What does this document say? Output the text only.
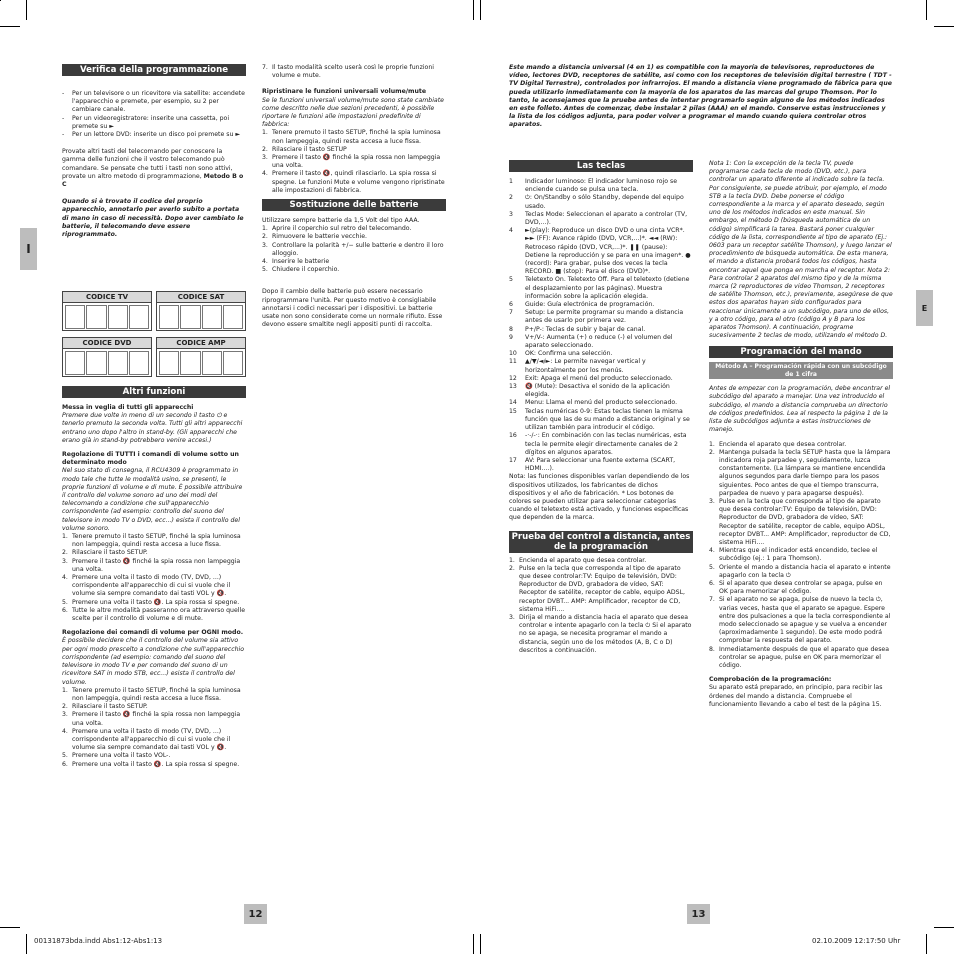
I
E
Verifica della programmazione
- Per un televisore o un ricevitore via satellite: accendete l'apparecchio e premete, per esempio, su 2 per cambiare canale.
- Per un videoregistratore: inserite una cassetta, poi premete su ►
- Per un lettore DVD: inserite un disco poi premete su ►

Provate altri tasti del telecomando per conoscere la gamma delle funzioni che il vostro telecomando può comandare. Se pensate che tutti i tasti non sono attivi, provate un altro metodo di programmazione, Metodo B o C

Quando si è trovato il codice del proprio apparecchio, annotarlo per averlo subito a portata di mano in caso di necessità. Dopo aver cambiato le batterie, il telecomando deve essere riprogrammato.

CODICE TV	CODICE SAT
CODICE DVD	CODICE AMP
Altri funzioni

Messa in veglia di tutti gli apparecchi

Premere due volte in meno di un secondo il tasto ⏻ e tenerlo premuto la seconda volta. Tutti gli altri apparecchi entrano uno dopo l'altro in stand-by. (Gli apparecchi che erano già in stand-by potrebbero venire accesi.)

Regolazione di TUTTI i comandi di volume sotto un determinato modo

Nel suo stato di consegna, il RCU4309 è programmato in modo tale che tutte le modalità usino, se presenti, le proprie funzioni di volume e di mute. È possibile attribuire il controllo del volume sonoro ad uno dei modi del telecomando a condizione che sull'apparecchio corrispondente (ad esempio: controllo del suono del televisore in modo TV o DVD, ecc...) esista il controllo del volume sonoro.

1. Tenere premuto il tasto SETUP, finché la spia luminosa non lampeggia, quindi resta accesa a luce fissa.
2. Rilasciare il tasto SETUP.
3. Premere il tasto 🔇 finché la spia rossa non lampeggia una volta.
4. Premere una volta il tasto di modo (TV, DVD, ...) corrispondente all'apparecchio di cui si vuole che il volume sia sempre comandato dai tasti VOL y 🔇.
5. Premere una volta il tasto 🔇. La spia rossa si spegne.
6. Tutte le altre modalità passeranno ora attraverso quelle scelte per il controllo di volume e di mute.

Regolazione dei comandi di volume per OGNI modo.

È possibile decidere che il controllo del volume sia attivo per ogni modo prescelto a condizione che sull'apparecchio corrispondente (ad esempio: comando del suono del televisore in modo TV e per comando del suono di un ricevitore SAT in modo STB, ecc...) esista il controllo del volume.

1. Tenere premuto il tasto SETUP, finché la spia luminosa non lampeggia, quindi resta accesa a luce fissa.
2. Rilasciare il tasto SETUP.
3. Premere il tasto 🔇 finché la spia rossa non lampeggia una volta.
4. Premere una volta il tasto di modo (TV, DVD, ...) corrispondente all'apparecchio di cui si vuole che il volume sia sempre comandato dai tasti VOL y 🔇.
5. Premere una volta il tasto VOL-.
6. Premere una volta il tasto 🔇. La spia rossa si spegne.
7. Il tasto modalità scelto userà così le proprie funzioni volume e mute.

Ripristinare le funzioni universali volume/mute

Se le funzioni universali volume/mute sono state cambiate come descritto nelle due sezioni precedenti, è possibile riportare le funzioni alle impostazioni predefinite di fabbrica:

1. Tenere premuto il tasto SETUP, finché la spia luminosa non lampeggia, quindi resta accesa a luce fissa.
2. Rilasciare il tasto SETUP
3. Premere il tasto 🔇 finché la spia rossa non lampeggia una volta.
4. Premere il tasto 🔇, quindi rilasciarlo. La spia rossa si spegne. Le funzioni Mute e volume vengono ripristinate alle impostazioni di fabbrica.
Sostituzione delle batterie

Utilizzare sempre batterie da 1,5 Volt del tipo AAA.

1. Aprire il coperchio sul retro del telecomando.
2. Rimuovere le batterie vecchie.
3. Controllare la polarità +/− sulle batterie e dentro il loro alloggio.
4. Inserire le batterie
5. Chiudere il coperchio.

Dopo il cambio delle batterie può essere necessario riprogrammare l'unità. Per questo motivo è consigliabile annotarsi i codici necessari per i dispositivi. Le batterie usate non sono considerate come un normale rifiuto. Esse devono essere smaltite negli appositi punti di raccolta.

Este mando a distancia universal (4 en 1) es compatible con la mayoría de televisores, reproductores de vídeo, lectores DVD, receptores de satélite, así como con los receptores de televisión digital terrestre ( TDT - TV Digital Terrestre), controlados por infrarrojos. El mando a distancia viene programado de fábrica para que pueda utilizarlo inmediatamente con la mayoría de los aparatos de las marcas del grupo Thomson. Por lo tanto, le aconsejamos que la pruebe antes de intentar programarlo según alguno de los métodos indicados en este folleto. Antes de comenzar, debe instalar 2 pilas (AAA) en el mando. Conserve estas instrucciones y la lista de los códigos adjunta, para poder volver a programar el mando cuando quiera controlar otros aparatos.

Las teclas
1 Indicador luminoso: El indicador luminoso rojo se enciende cuando se pulsa una tecla.
2 ⏻: On/Standby o sólo Standby, depende del equipo usado.
3 Teclas Mode: Seleccionan el aparato a controlar (TV, DVD,...).
4 ►(play): Reproduce un disco DVD o una cinta VCR*. ►► (FF): Avance rápido (DVD, VCR,...)*. ◄◄ (RW): Retroceso rápido (DVD, VCR,...)*. ❚❚ (pause): Detiene la reproducción y se para en una imagen*. ● (record): Para grabar, pulse dos veces la tecla RECORD. ■ (stop): Para el disco (DVD)*.
5 Teletexto On. Teletexto Off. Para el teletexto (detiene el desplazamiento por las páginas). Muestra información sobre la aplicación elegida.
6 Guide: Guía electrónica de programación.
7 Setup: Le permite programar su mando a distancia antes de usarlo por primera vez.
8 P+/P-: Teclas de subir y bajar de canal.
9 V+/V-: Aumenta (+) o reduce (-) el volumen del aparato seleccionado.
10 OK: Confirma una selección.
11 ▲/▼/◄/►: Le permite navegar vertical y horizontalmente por los menús.
12 Exit: Apaga el menú del producto seleccionado.
13 🔇 (Mute): Desactiva el sonido de la aplicación elegida.
14 Menu: Llama el menú del producto seleccionado.
15 Teclas numéricas 0-9: Estas teclas tienen la misma función que las de su mando a distancia original y se utilizan también para introducir el código.
16 -·-/-·: En combinación con las teclas numéricas, esta tecla le permite elegir directamente canales de 2 dígitos en algunos aparatos.
17 AV: Para seleccionar una fuente externa (SCART, HDMI....).

Nota: las funciones disponibles varían dependiendo de los dispositivos utilizados, los fabricantes de dichos dispositivos y el año de fabricación. * Los botones de colores se pueden utilizar para seleccionar categorías cuando el teletexto está activado, y funciones específicas que dependen de la marca.

Prueba del control a distancia, antes de la programación
1. Encienda el aparato que desea controlar.
2. Pulse en la tecla que corresponda al tipo de aparato que desee controlar:TV: Equipo de televisión, DVD: Reproductor de DVD, grabadora de vídeo, SAT: Receptor de satélite, receptor de cable, equipo ADSL, receptor DVBT... AMP: Amplificador, receptor de CD, sistema HiFi....
3. Dirija el mando a distancia hacia el aparato que desea controlar e intente apagarlo con la tecla ⏻ Si el aparato no se apaga, se necesita programar el mando a distancia, según uno de los métodos (A, B, C o D) descritos a continuación.

Nota 1: Con la excepción de la tecla TV, puede programarse cada tecla de modo (DVD, etc.), para controlar un aparato diferente al indicado sobre la tecla. Por consiguiente, se puede atribuir, por ejemplo, el modo STB a la tecla DVD. Debe ponerse el código correspondiente a la marca y el aparato deseado, según uno de los métodos indicados en este manual. Sin embargo, el método D (búsqueda automática de un código) simplificará la tarea. Bastará poner cualquier código de la lista, correspondiente al tipo de aparato (Ej.: 0603 para un receptor satélite Thomson), y luego lanzar el procedimiento de búsqueda automática. De esta manera, el mando a distancia probará todos los códigos, hasta encontrar aquel que ponga en marcha el receptor. Nota 2: Para controlar 2 aparatos del mismo tipo y de la misma marca (2 reproductores de video Thomson, 2 receptores de satélite Thomson, etc.), previamente, asegúrese de que estos dos aparatos hayan sido configurados para reaccionar únicamente a un subcódigo, para uno de ellos, y a otro código, para el otro (código A y B para los aparatos Thomson). A continuación, programe sucesivamente 2 teclas de modo, utilizando el método D.

Programación del mando
Método A – Programación rápida con un subcódigo de 1 cifra

Antes de empezar con la programación, debe encontrar el subcódigo del aparato a manejar. Una vez introducido el subcódigo, el mando a distancia comprueba un directorio de códigos predefinidos. Lea al respecto la página 1 de la lista de subcódigos adjunta a estas instrucciones de manejo.

1. Encienda el aparato que desea controlar.
2. Mantenga pulsada la tecla SETUP hasta que la lámpara indicadora roja parpadee y, seguidamente, luzca constantemente. (La lámpara se mantiene encendida algunos segundos para darle tiempo para los pasos siguientes. Poco antes de que el tiempo transcurra, parpadea de nuevo y para apagarse después).
3. Pulse en la tecla que corresponda al tipo de aparato que desea controlar:TV: Equipo de televisión, DVD: Reproductor de DVD, grabadora de vídeo, SAT: Receptor de satélite, receptor de cable, equipo ADSL, receptor DVBT... AMP: Amplificador, reproductor de CD, sistema HiFi....
4. Mientras que el indicador está encendido, teclee el subcódigo (ej.: 1 para Thomson).
5. Oriente el mando a distancia hacia el aparato e intente apagarlo con la tecla ⏻
6. Si el aparato que desea controlar se apaga, pulse en OK para memorizar el código.
7. Si el aparato no se apaga, pulse de nuevo la tecla ⏻, varias veces, hasta que el aparato se apague. Espere entre dos pulsaciones a que la tecla correspondiente al modo seleccionado se apague y se vuelva a encender (aproximadamente 1 segundo). De este modo podrá comprobar la respuesta del aparato.
8. Inmediatamente después de que el aparato que desea controlar se apague, pulse en OK para memorizar el código.

Comprobación de la programación:

Su aparato está preparado, en principio, para recibir las órdenes del mando a distancia. Compruebe el funcionamiento llevando a cabo el test de la página 15.

12	13
00131873bda.indd Abs1:12-Abs1:13	02.10.2009 12:17:50 Uhr
